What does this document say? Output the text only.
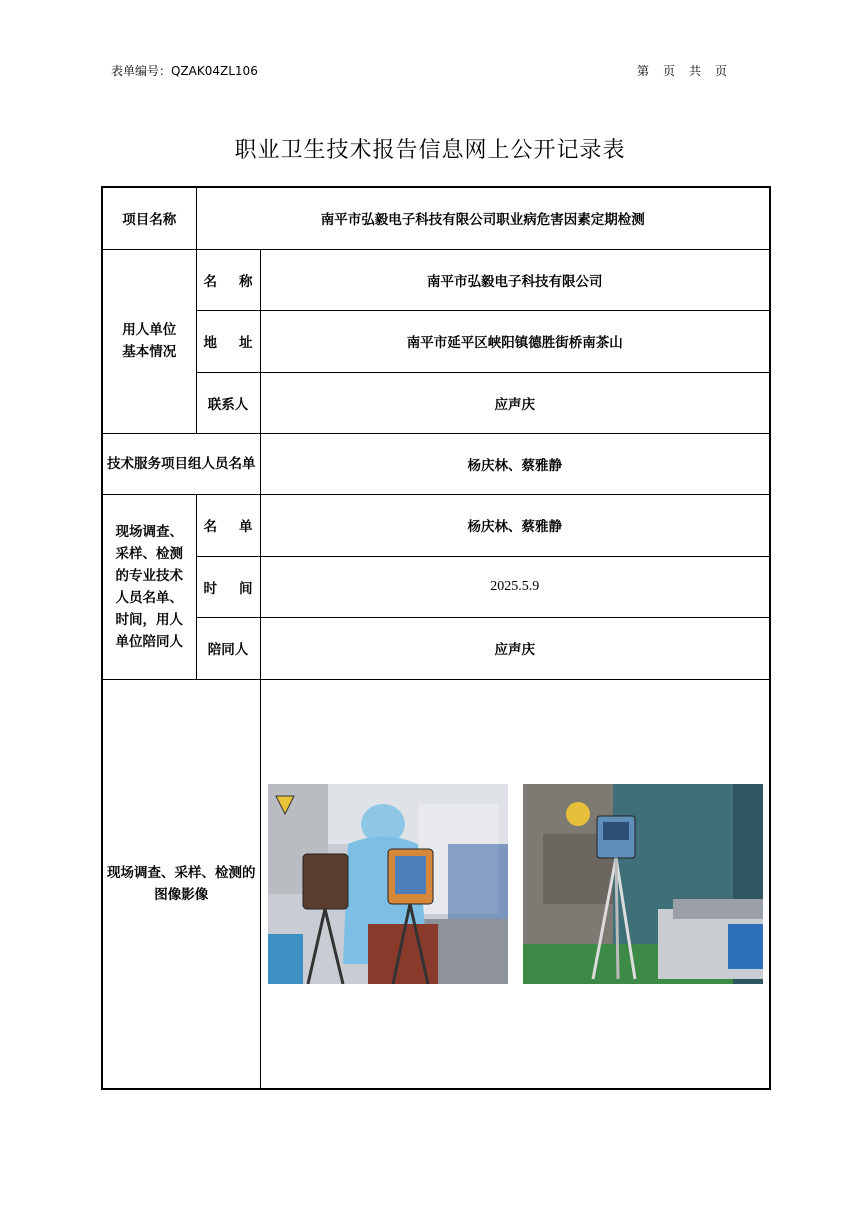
表单编号：QZAK04ZL106	第 页 共 页
职业卫生技术报告信息网上公开记录表
项目名称	南平市弘毅电子科技有限公司职业病危害因素定期检测	

用人单位
基本情况	名 称	南平市弘毅电子科技有限公司
	地 址	南平市延平区峡阳镇德胜街桥南茶山
	联系人	应声庆
技术服务项目组人员名单		杨庆林、蔡雅静
现场调查、采样、检测的专业技术人员名单、时间，用人单位陪同人	名 单	杨庆林、蔡雅静
	时 间	2025.5.9
	陪同人	应声庆
现场调查、采样、检测的图像影像	
